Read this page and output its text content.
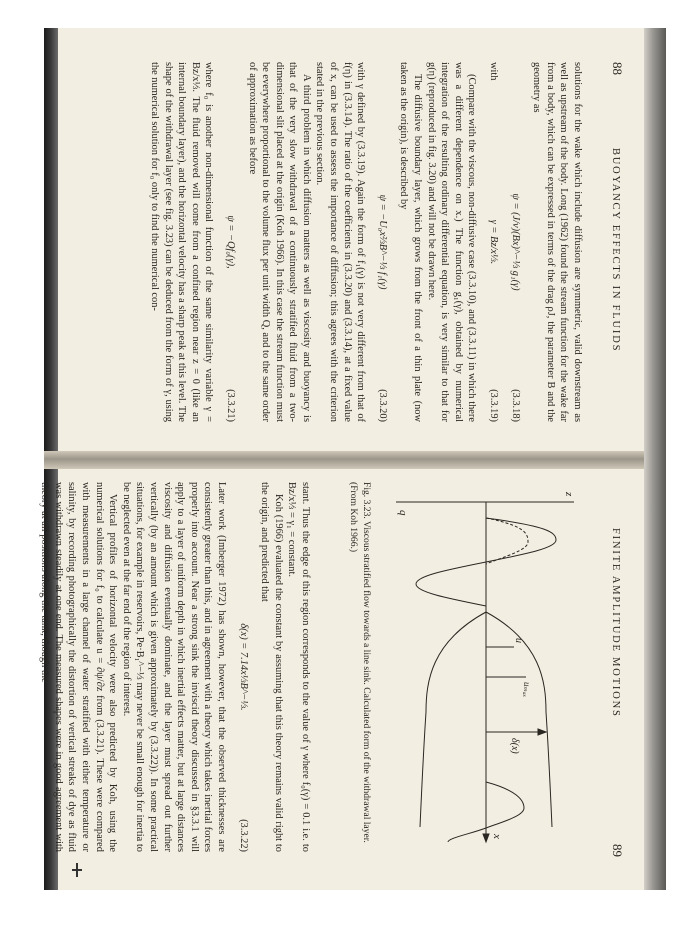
88
BUOYANCY EFFECTS IN FLUIDS

solutions for the wake which include diffusion are symmetric, valid downstream as well as upstream of the body. Long (1962) found the stream function for the wake far from a body, which can be expressed in terms of the drag ρJ, the parameter B and the geometry as

ψ = (J/ν)(Bx)^−⅓ g₁(γ)
(3.3.18)
with
γ = Bz/x⅓.
(3.3.19)

(Compare with the viscous, non-diffusive case (3.3.10), and (3.3.11) in which there was a different dependence on x.) The function g₁(γ), obtained by numerical integration of the resulting ordinary differential equation, is very similar to that for g(η) (reproduced in fig. 3.20) and will not be drawn here.

The diffusive boundary layer, which grows from the front of a thin plate (now taken as the origin), is described by

ψ = −U₀x⅔B^−⅓ f₁(γ)
(3.3.20)

with γ defined by (3.3.19). Again the form of f₁(γ) is not very different from that of f(η) in (3.3.14). The ratio of the coefficients in (3.3.20) and (3.3.14), at a fixed value of x, can be used to assess the importance of diffusion; this agrees with the criterion stated in the previous section.

A third problem in which diffusion matters as well as viscosity and buoyancy is that of the very slow withdrawal of a continuously stratified fluid from a two-dimensional slit placed at the origin (Koh 1966). In this case the stream function must be everywhere proportional to the volume flux per unit width Q, and to the same order of approximation as before

ψ = −Qf₀(γ),
(3.3.21)

where f₀ is another non-dimensional function of the same similarity variable γ = Bz/x⅓. The fluid removed will come from a confined region near z = 0 (like an internal boundary layer), and the horizontal velocity has a sharp peak at this level. The shape of the withdrawal layer (see fig. 3.23) can be deduced from the form of γ, using the numerical solution for f₀ only to find the numerical con-

FINITE AMPLITUDE MOTIONS
89
z
x
q
u
uₘₐₓ
δ(x)
Fig. 3.23. Viscous stratified flow towards a line sink. Calculated form of the withdrawal layer. (From Koh 1966.)

stant. Thus the edge of this region corresponds to the value of γ where f₀(γ) = 0.1 i.e. to Bz/x⅓ = γ₁ = constant.

Koh (1966) evaluated the constant by assuming that this theory remains valid right to the origin, and predicted that

δ(x) = 7.14x⅓B^−⅓.
(3.3.22)

Later work (Imberger 1972) has shown, however, that the observed thicknesses are consistently greater than this, and in agreement with a theory which takes inertial forces properly into account. Near a strong sink the inviscid theory discussed in §3.3.1 will apply to a layer of uniform depth in which inertial effects matter, but at large distances viscosity and diffusion eventually dominate, and the layer must spread out further vertically (by an amount which is given approximately by (3.3.22)). In some practical situations, for example in reservoirs, Pe·B₁^−⅓ may never be small enough for inertia to be neglected even at the far end of the region of interest.

Vertical profiles of horizontal velocity were also predicted by Koh, using the numerical solutions for f₀ to calculate u = ∂ψ/∂z from (3.3.21). These were compared with measurements in a large channel of water stratified with either temperature or salinity, by recording photographically the distortion of vertical streaks of dye as fluid was withdrawn steadily at one end. The measured shapes were in good agreement with theory at all positions along the tank, though the
